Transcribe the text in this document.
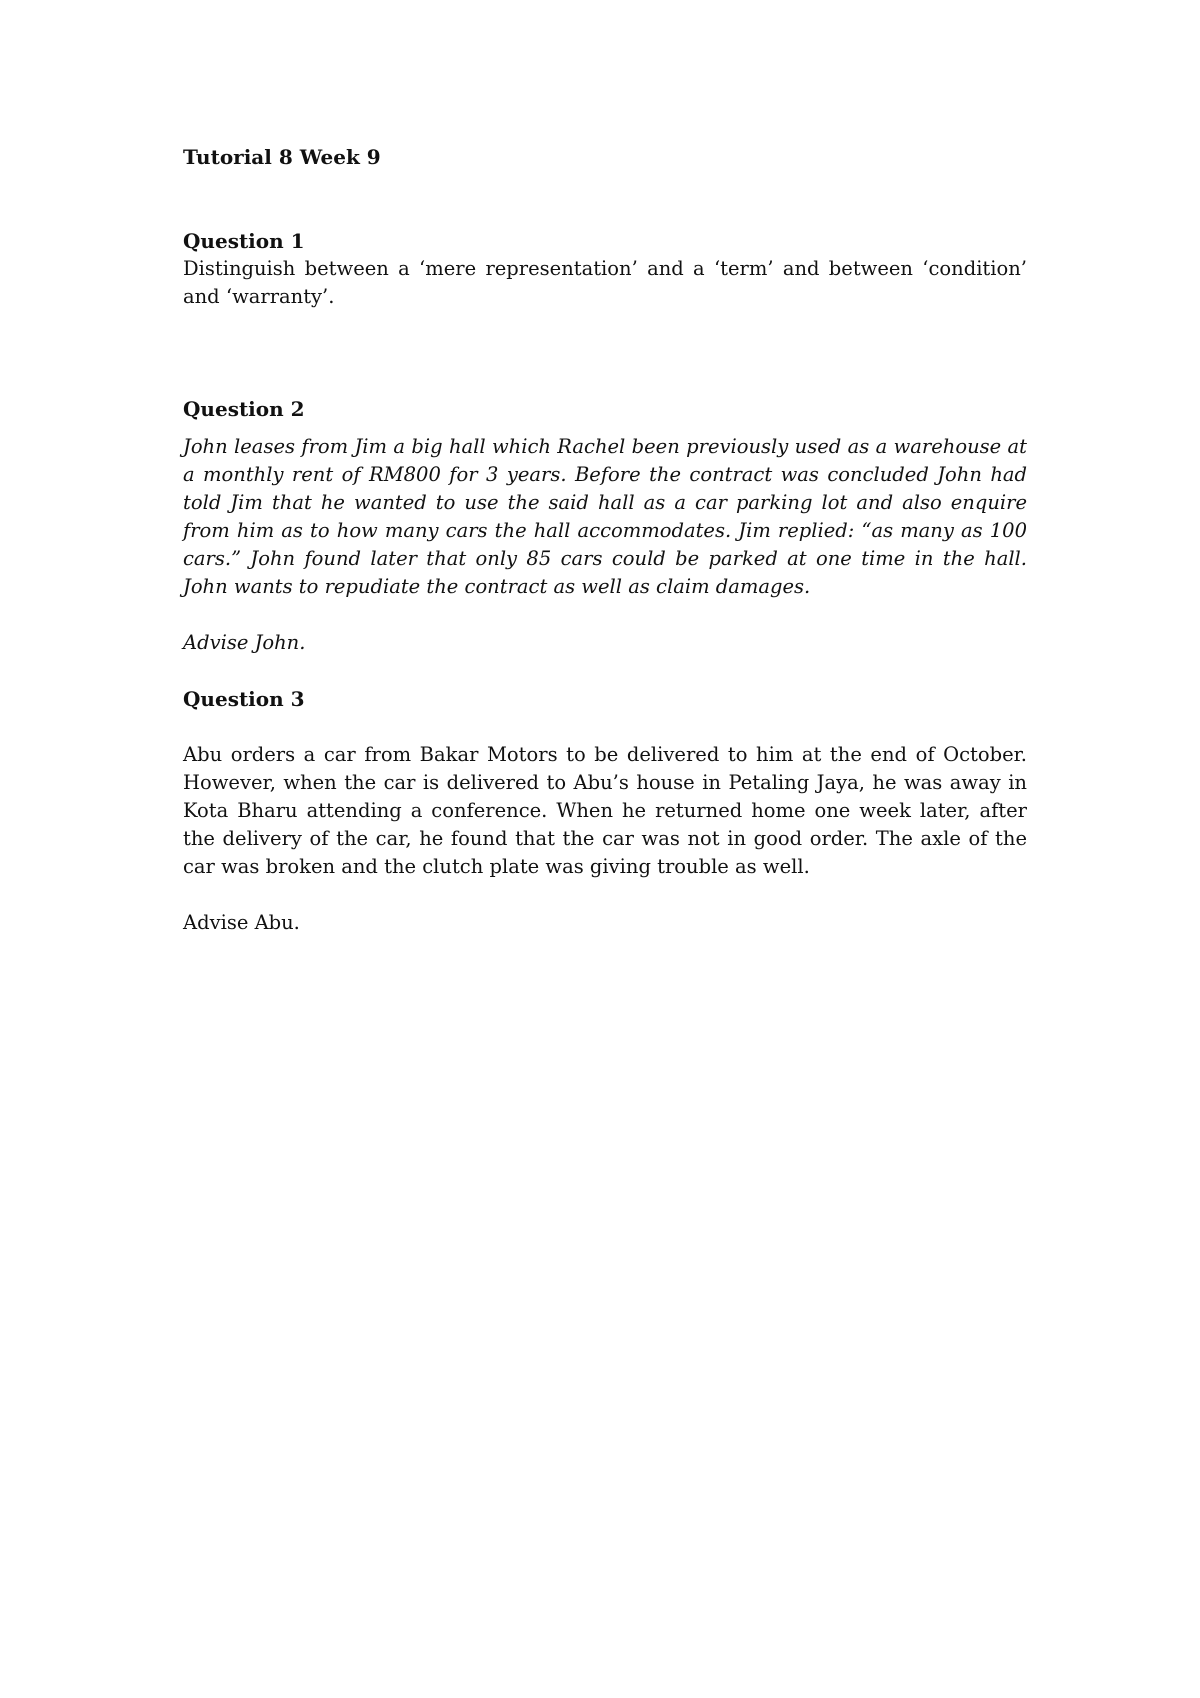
Tutorial 8 Week 9

Question 1

Distinguish between a ‘mere representation’ and a ‘term’ and between ‘condition’ and ‘warranty’.

Question 2

John leases from Jim a big hall which Rachel been previously used as a warehouse at a monthly rent of RM800 for 3 years. Before the contract was concluded John had told Jim that he wanted to use the said hall as a car parking lot and also enquire from him as to how many cars the hall accommodates. Jim replied: “as many as 100 cars.” John found later that only 85 cars could be parked at one time in the hall. John wants to repudiate the contract as well as claim damages.

Advise John.

Question 3

Abu orders a car from Bakar Motors to be delivered to him at the end of October. However, when the car is delivered to Abu’s house in Petaling Jaya, he was away in Kota Bharu attending a conference. When he returned home one week later, after the delivery of the car, he found that the car was not in good order. The axle of the car was broken and the clutch plate was giving trouble as well.

Advise Abu.
